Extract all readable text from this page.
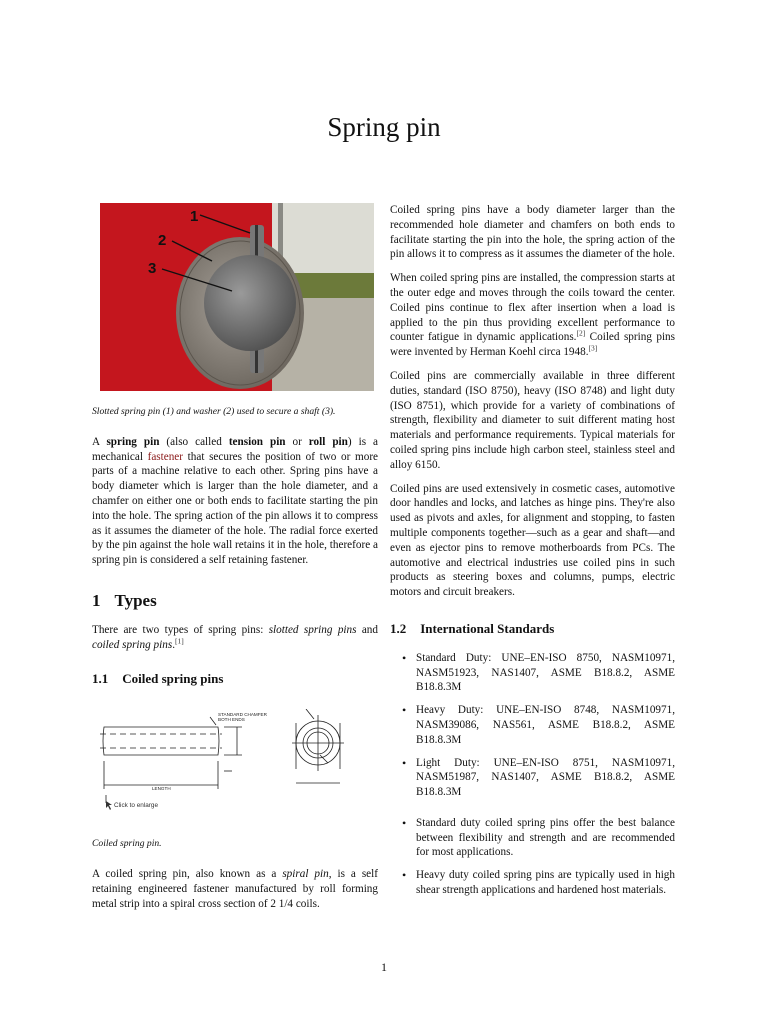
Spring pin
1
2
3

Slotted spring pin (1) and washer (2) used to secure a shaft (3).

A spring pin (also called tension pin or roll pin) is a mechanical fastener that secures the position of two or more parts of a machine relative to each other. Spring pins have a body diameter which is larger than the hole diameter, and a chamfer on either one or both ends to facilitate starting the pin into the hole. The spring action of the pin allows it to compress as it assumes the diameter of the hole. The radial force exerted by the pin against the hole wall retains it in the hole, therefore a spring pin is considered a self retaining fastener.

1 Types

There are two types of spring pins: slotted spring pins and coiled spring pins.[1]

1.1 Coiled spring pins
STANDARD CHAMFER
BOTH ENDS
LENGTH
Click to enlarge

Coiled spring pin.

A coiled spring pin, also known as a spiral pin, is a self retaining engineered fastener manufactured by roll forming metal strip into a spiral cross section of 2 1/4 coils.

Coiled spring pins have a body diameter larger than the recommended hole diameter and chamfers on both ends to facilitate starting the pin into the hole, the spring action of the pin allows it to compress as it assumes the diameter of the hole.

When coiled spring pins are installed, the compression starts at the outer edge and moves through the coils toward the center. Coiled pins continue to flex after insertion when a load is applied to the pin thus providing excellent performance to counter fatigue in dynamic applications.[2] Coiled spring pins were invented by Herman Koehl circa 1948.[3]

Coiled pins are commercially available in three different duties, standard (ISO 8750), heavy (ISO 8748) and light duty (ISO 8751), which provide for a variety of combinations of strength, flexibility and diameter to suit different mating host materials and performance requirements. Typical materials for coiled spring pins include high carbon steel, stainless steel and alloy 6150.

Coiled pins are used extensively in cosmetic cases, automotive door handles and locks, and latches as hinge pins. They're also used as pivots and axles, for alignment and stopping, to fasten multiple components together—such as a gear and shaft—and even as ejector pins to remove motherboards from PCs. The automotive and electrical industries use coiled pins in such products as steering boxes and columns, pumps, electric motors and circuit breakers.

1.2 International Standards
• Standard Duty: UNE–EN-ISO 8750, NASM10971, NASM51923, NAS1407, ASME B18.8.2, ASME B18.8.3M
• Heavy Duty: UNE–EN-ISO 8748, NASM10971, NASM39086, NAS561, ASME B18.8.2, ASME B18.8.3M
• Light Duty: UNE–EN-ISO 8751, NASM10971, NASM51987, NAS1407, ASME B18.8.2, ASME B18.8.3M
• Standard duty coiled spring pins offer the best balance between flexibility and strength and are recommended for most applications.
• Heavy duty coiled spring pins are typically used in high shear strength applications and hardened host materials.
1
